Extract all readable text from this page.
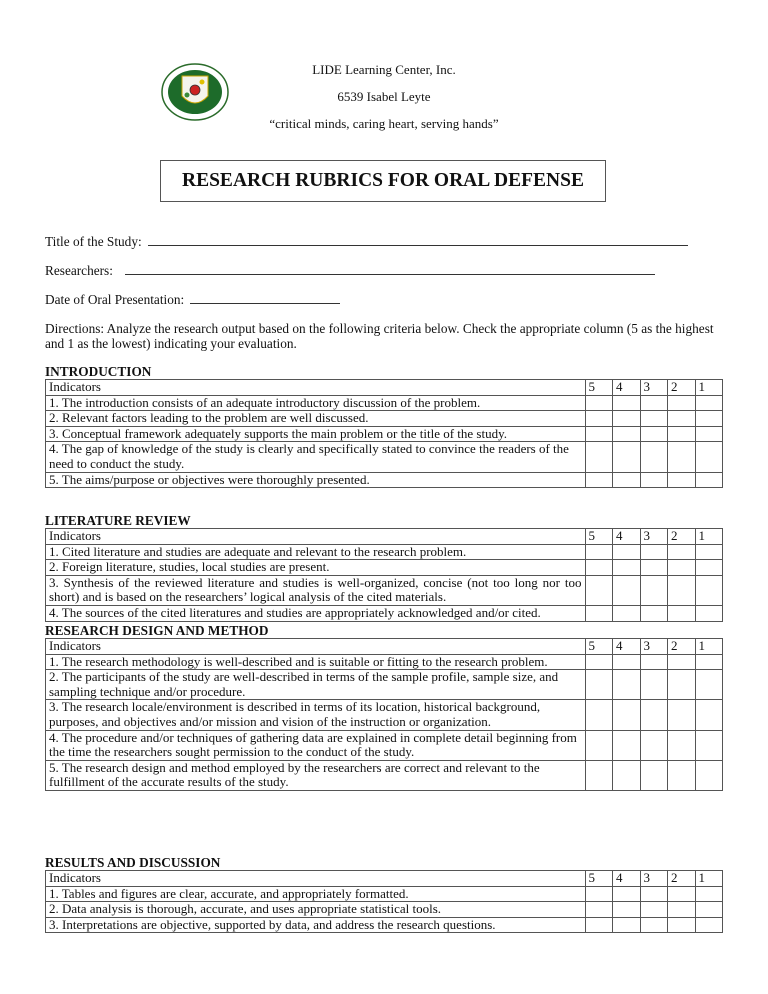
LIDE Learning Center, Inc.
6539 Isabel Leyte
“critical minds, caring heart, serving hands”
RESEARCH RUBRICS FOR ORAL DEFENSE
Title of the Study:
Researchers:
Date of Oral Presentation:
Directions: Analyze the research output based on the following criteria below. Check the appropriate column (5 as the highest and 1 as the lowest) indicating your evaluation.
INTRODUCTION
Indicators	5	4	3	2	1
1. The introduction consists of an adequate introductory discussion of the problem.					
2. Relevant factors leading to the problem are well discussed.					
3. Conceptual framework adequately supports the main problem or the title of the study.					
4. The gap of knowledge of the study is clearly and specifically stated to convince the readers of the need to conduct the study.					
5. The aims/purpose or objectives were thoroughly presented.					
LITERATURE REVIEW
Indicators	5	4	3	2	1
1. Cited literature and studies are adequate and relevant to the research problem.					
2. Foreign literature, studies, local studies are present.					
3. Synthesis of the reviewed literature and studies is well-organized, concise (not too long nor too short) and is based on the researchers’ logical analysis of the cited materials.					
4. The sources of the cited literatures and studies are appropriately acknowledged and/or cited.					
RESEARCH DESIGN AND METHOD
Indicators	5	4	3	2	1
1. The research methodology is well-described and is suitable or fitting to the research problem.					
2. The participants of the study are well-described in terms of the sample profile, sample size, and sampling technique and/or procedure.					
3. The research locale/environment is described in terms of its location, historical background, purposes, and objectives and/or mission and vision of the instruction or organization.					
4. The procedure and/or techniques of gathering data are explained in complete detail beginning from the time the researchers sought permission to the conduct of the study.					
5. The research design and method employed by the researchers are correct and relevant to the fulfillment of the accurate results of the study.					
RESULTS AND DISCUSSION
Indicators	5	4	3	2	1
1. Tables and figures are clear, accurate, and appropriately formatted.					
2. Data analysis is thorough, accurate, and uses appropriate statistical tools.					
3. Interpretations are objective, supported by data, and address the research questions.					
